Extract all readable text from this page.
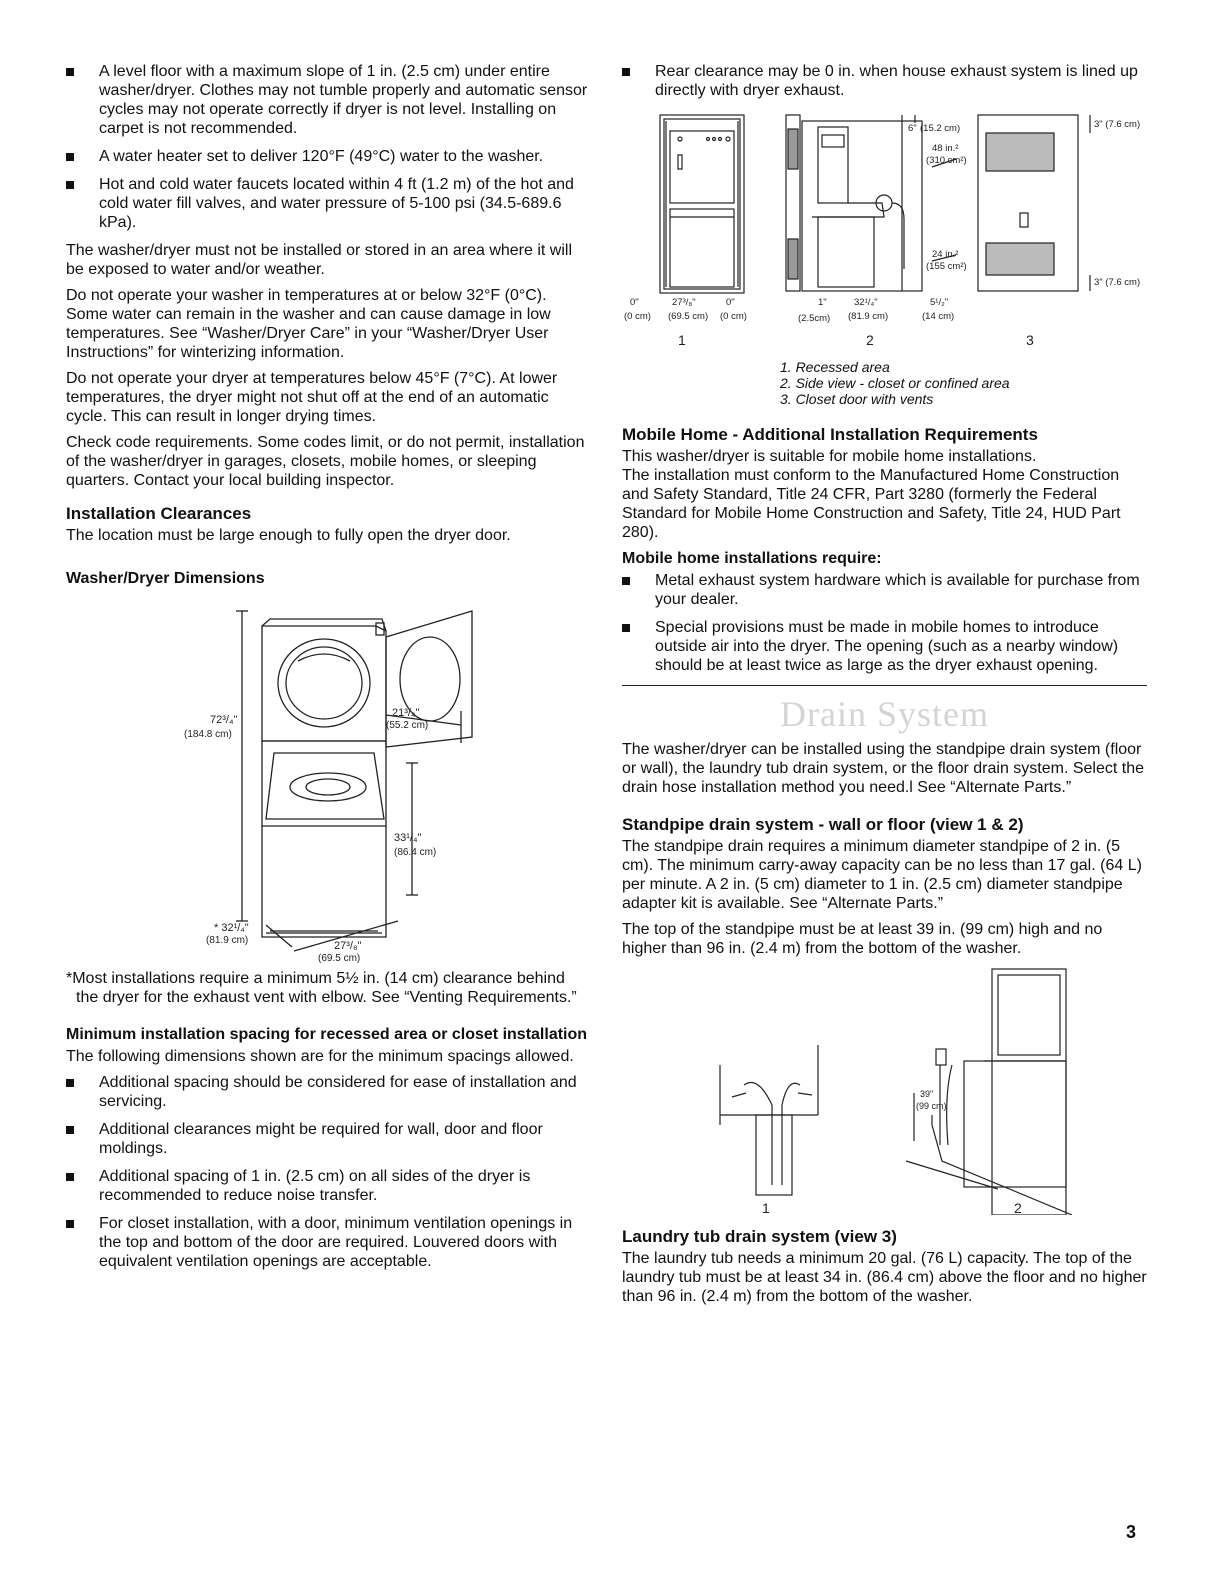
A level floor with a maximum slope of 1 in. (2.5 cm) under entire washer/dryer. Clothes may not tumble properly and automatic sensor cycles may not operate correctly if dryer is not level. Installing on carpet is not recommended.
A water heater set to deliver 120°F (49°C) water to the washer.
Hot and cold water faucets located within 4 ft (1.2 m) of the hot and cold water fill valves, and water pressure of 5-100 psi (34.5-689.6 kPa).

The washer/dryer must not be installed or stored in an area where it will be exposed to water and/or weather.

Do not operate your washer in temperatures at or below 32°F (0°C). Some water can remain in the washer and can cause damage in low temperatures. See “Washer/Dryer Care” in your “Washer/Dryer User Instructions” for winterizing information.

Do not operate your dryer at temperatures below 45°F (7°C). At lower temperatures, the dryer might not shut off at the end of an automatic cycle. This can result in longer drying times.

Check code requirements. Some codes limit, or do not permit, installation of the washer/dryer in garages, closets, mobile homes, or sleeping quarters. Contact your local building inspector.

Installation Clearances

The location must be large enough to fully open the dryer door.

Washer/Dryer Dimensions
72³/₄"
(184.8 cm)
21³/₄"
(55.2 cm)
33¹/₄"
(86.4 cm)
* 32¹/₄"
(81.9 cm)	27³/₈"
(69.5 cm)

*Most installations require a minimum 5½ in. (14 cm) clearance behind the dryer for the exhaust vent with elbow. See “Venting Requirements.”

Minimum installation spacing for recessed area or closet installation

The following dimensions shown are for the minimum spacings allowed.

Additional spacing should be considered for ease of installation and servicing.
Additional clearances might be required for wall, door and floor moldings.
Additional spacing of 1 in. (2.5 cm) on all sides of the dryer is recommended to reduce noise transfer.
For closet installation, with a door, minimum ventilation openings in the top and bottom of the door are required. Louvered doors with equivalent ventilation openings are acceptable.
Rear clearance may be 0 in. when house exhaust system is lined up directly with dryer exhaust.
0"	27³/₈"	0"
(0 cm) (69.5 cm) (0 cm)
6" (15.2 cm)
48 in.²
(310 cm²)
24 in.²
(155 cm²)
1"
(2.5cm)
32¹/₄"
(81.9 cm)
5¹/₂"
(14 cm)
3" (7.6 cm)
3" (7.6 cm)
1	2	3
1. Recessed area
2. Side view - closet or confined area
3. Closet door with vents
Mobile Home - Additional Installation Requirements

This washer/dryer is suitable for mobile home installations.

The installation must conform to the Manufactured Home Construction and Safety Standard, Title 24 CFR, Part 3280 (formerly the Federal Standard for Mobile Home Construction and Safety, Title 24, HUD Part 280).

Mobile home installations require:
Metal exhaust system hardware which is available for purchase from your dealer.
Special provisions must be made in mobile homes to introduce outside air into the dryer. The opening (such as a nearby window) should be at least twice as large as the dryer exhaust opening.
Drain System

The washer/dryer can be installed using the standpipe drain system (floor or wall), the laundry tub drain system, or the floor drain system. Select the drain hose installation method you need.l See “Alternate Parts.”

Standpipe drain system - wall or floor (view 1 & 2)

The standpipe drain requires a minimum diameter standpipe of 2 in. (5 cm). The minimum carry-away capacity can be no less than 17 gal. (64 L) per minute. A 2 in. (5 cm) diameter to 1 in. (2.5 cm) diameter standpipe adapter kit is available. See “Alternate Parts.”

The top of the standpipe must be at least 39 in. (99 cm) high and no higher than 96 in. (2.4 m) from the bottom of the washer.

39"
(99 cm)
1	2
Laundry tub drain system (view 3)

The laundry tub needs a minimum 20 gal. (76 L) capacity. The top of the laundry tub must be at least 34 in. (86.4 cm) above the floor and no higher than 96 in. (2.4 m) from the bottom of the washer.

3
